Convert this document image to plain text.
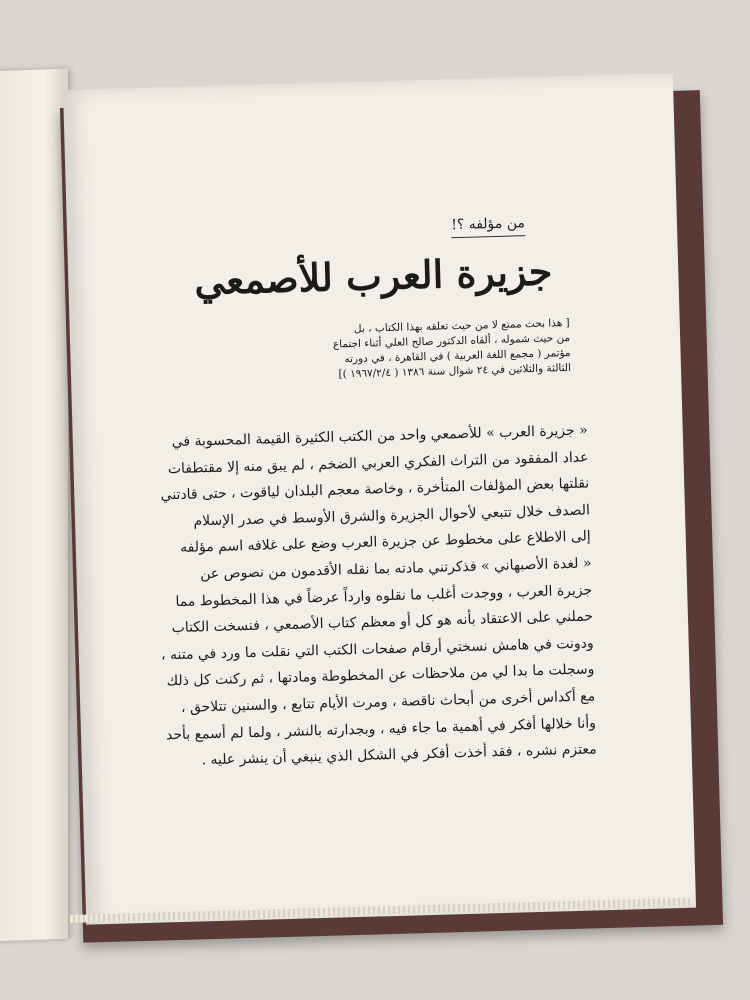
من مؤلفه ؟!
جزيرة العرب للأصمعي
[ هذا بحث ممتع لا من حيث تعلقه بهذا الكتاب ، بل
من حيث شموله ، ألقاه الدكتور صالح العلي أثناء اجتماع
مؤتمر ( مجمع اللغة العربية ) في القاهرة ، في دورته
الثالثة والثلاثين في ٢٤ شوال سنة ١٣٨٦ ( ١٩٦٧/٢/٤ )]
« جزيرة العرب » للأصمعي واحد من الكتب الكثيرة القيمة المحسوبة في
عداد المفقود من التراث الفكري العربي الضخم ، لم يبق منه إلا مقتطفات
نقلتها بعض المؤلفات المتأخرة ، وخاصة معجم البلدان لياقوت ، حتى قادتني
الصدف خلال تتبعي لأحوال الجزيرة والشرق الأوسط في صدر الإسلام
إلى الاطلاع على مخطوط عن جزيرة العرب وضع على غلافه اسم مؤلفه
« لغدة الأصبهاني » فذكرتني مادته بما نقله الأقدمون من نصوص عن
جزيرة العرب ، ووجدت أغلب ما نقلوه وارداً عرضاً في هذا المخطوط مما
حملني على الاعتقاد بأنه هو كل أو معظم كتاب الأصمعي ، فنسخت الكتاب
ودونت في هامش نسختي أرقام صفحات الكتب التي نقلت ما ورد في متنه ،
وسجلت ما بدا لي من ملاحظات عن المخطوطة ومادتها ، ثم ركنت كل ذلك
مع أكداس أخرى من أبحاث ناقصة ، ومرت الأيام تتابع ، والسنين تتلاحق ،
وأنا خلالها أفكر في أهمية ما جاء فيه ، وبجدارته بالنشر ، ولما لم أسمع بأحد
معتزم نشره ، فقد أخذت أفكر في الشكل الذي ينبغي أن ينشر عليه .
